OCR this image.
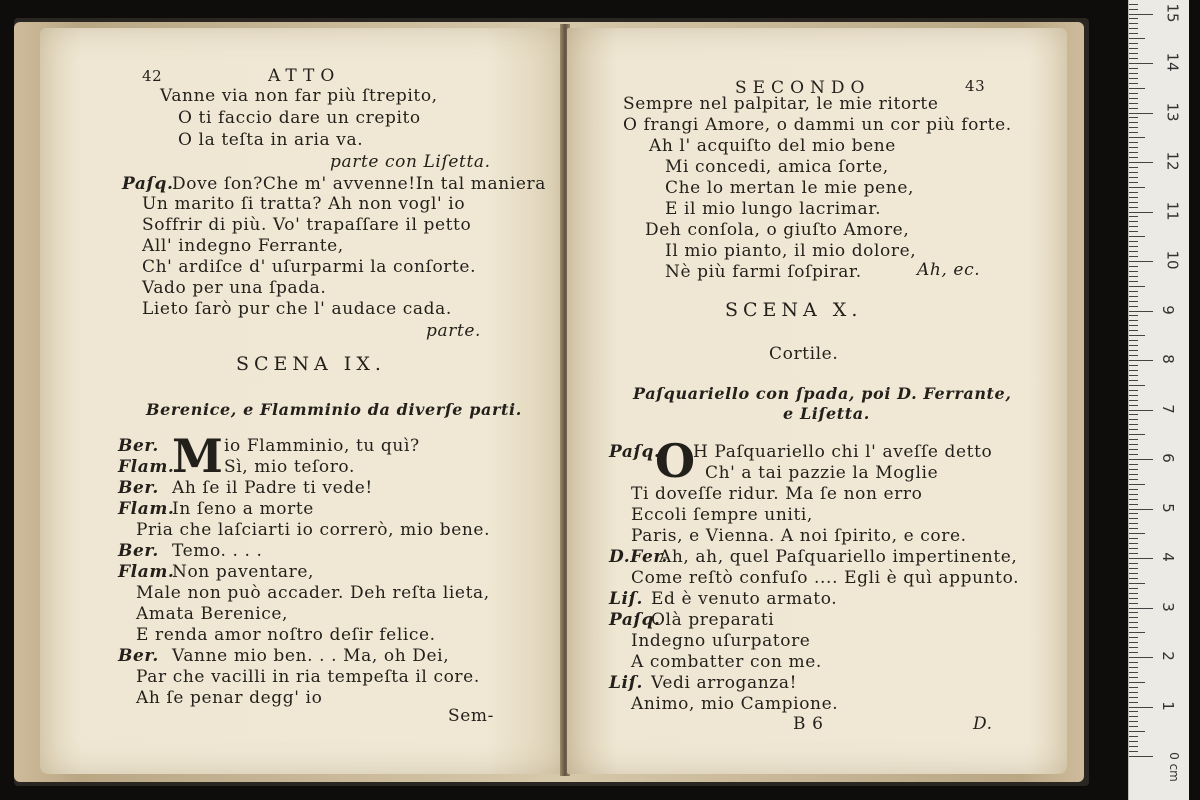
42	ATTO
Vanne via non far più ſtrepito,
O ti faccio dare un crepito
O la teſta in aria va.
parte con Liſetta.
Paſq.
Dove ſon?Che m' avvenne!In tal maniera
Un marito ſi tratta? Ah non vogl' io
Soffrir di più. Vo' trapaſſare il petto
All' indegno Ferrante,
Ch' ardiſce d' uſurparmi la conſorte.
Vado per una ſpada.
Lieto ſarò pur che l' audace cada.
parte.
SCENA IX.
Berenice, e Flamminio da diverſe parti.
M
Ber.	io Flamminio, tu quì?
Flam.	Sì, mio teſoro.
Ber. Ah ſe il Padre ti vede!
Flam.
In ſeno a morte
Pria che laſciarti io correrò, mio bene.
Ber. Temo. . . .
Flam.
Non paventare,
Male non può accader. Deh reſta lieta,
Amata Berenice,
E renda amor noſtro deſir felice.
Ber. Vanne mio ben. . . Ma, oh Dei,
Par che vacilli in ria tempeſta il core.
Ah ſe penar degg' io
Sem-
SECONDO	43
Sempre nel palpitar, le mie ritorte
O frangi Amore, o dammi un cor più forte.
Ah l' acquiſto del mio bene
Mi concedi, amica ſorte,
Che lo mertan le mie pene,
E il mio lungo lacrimar.
Deh conſola, o giuſto Amore,
Il mio pianto, il mio dolore,
Nè più farmi ſoſpirar.	Ah, ec.
SCENA X.
Cortile.
Paſquariello con ſpada, poi D. Ferrante,
e Liſetta.
O
Paſq. H Paſquariello chi l' aveſſe detto
Ch' a tai pazzie la Moglie
Ti doveſſe ridur. Ma ſe non erro
Eccoli ſempre uniti,
Paris, e Vienna. A noi ſpirito, e core.
D.Fer.
Ah, ah, quel Paſquariello impertinente,
Come reſtò confuſo .... Egli è quì appunto.
Liſ. Ed è venuto armato.
Paſq.
Olà preparati
Indegno uſurpatore
A combatter con me.
Liſ. Vedi arroganza!
Animo, mio Campione.
B 6	D.
15
14
13
12
11
10
9
8
7
6
5
4
3
2
1
0 cm
